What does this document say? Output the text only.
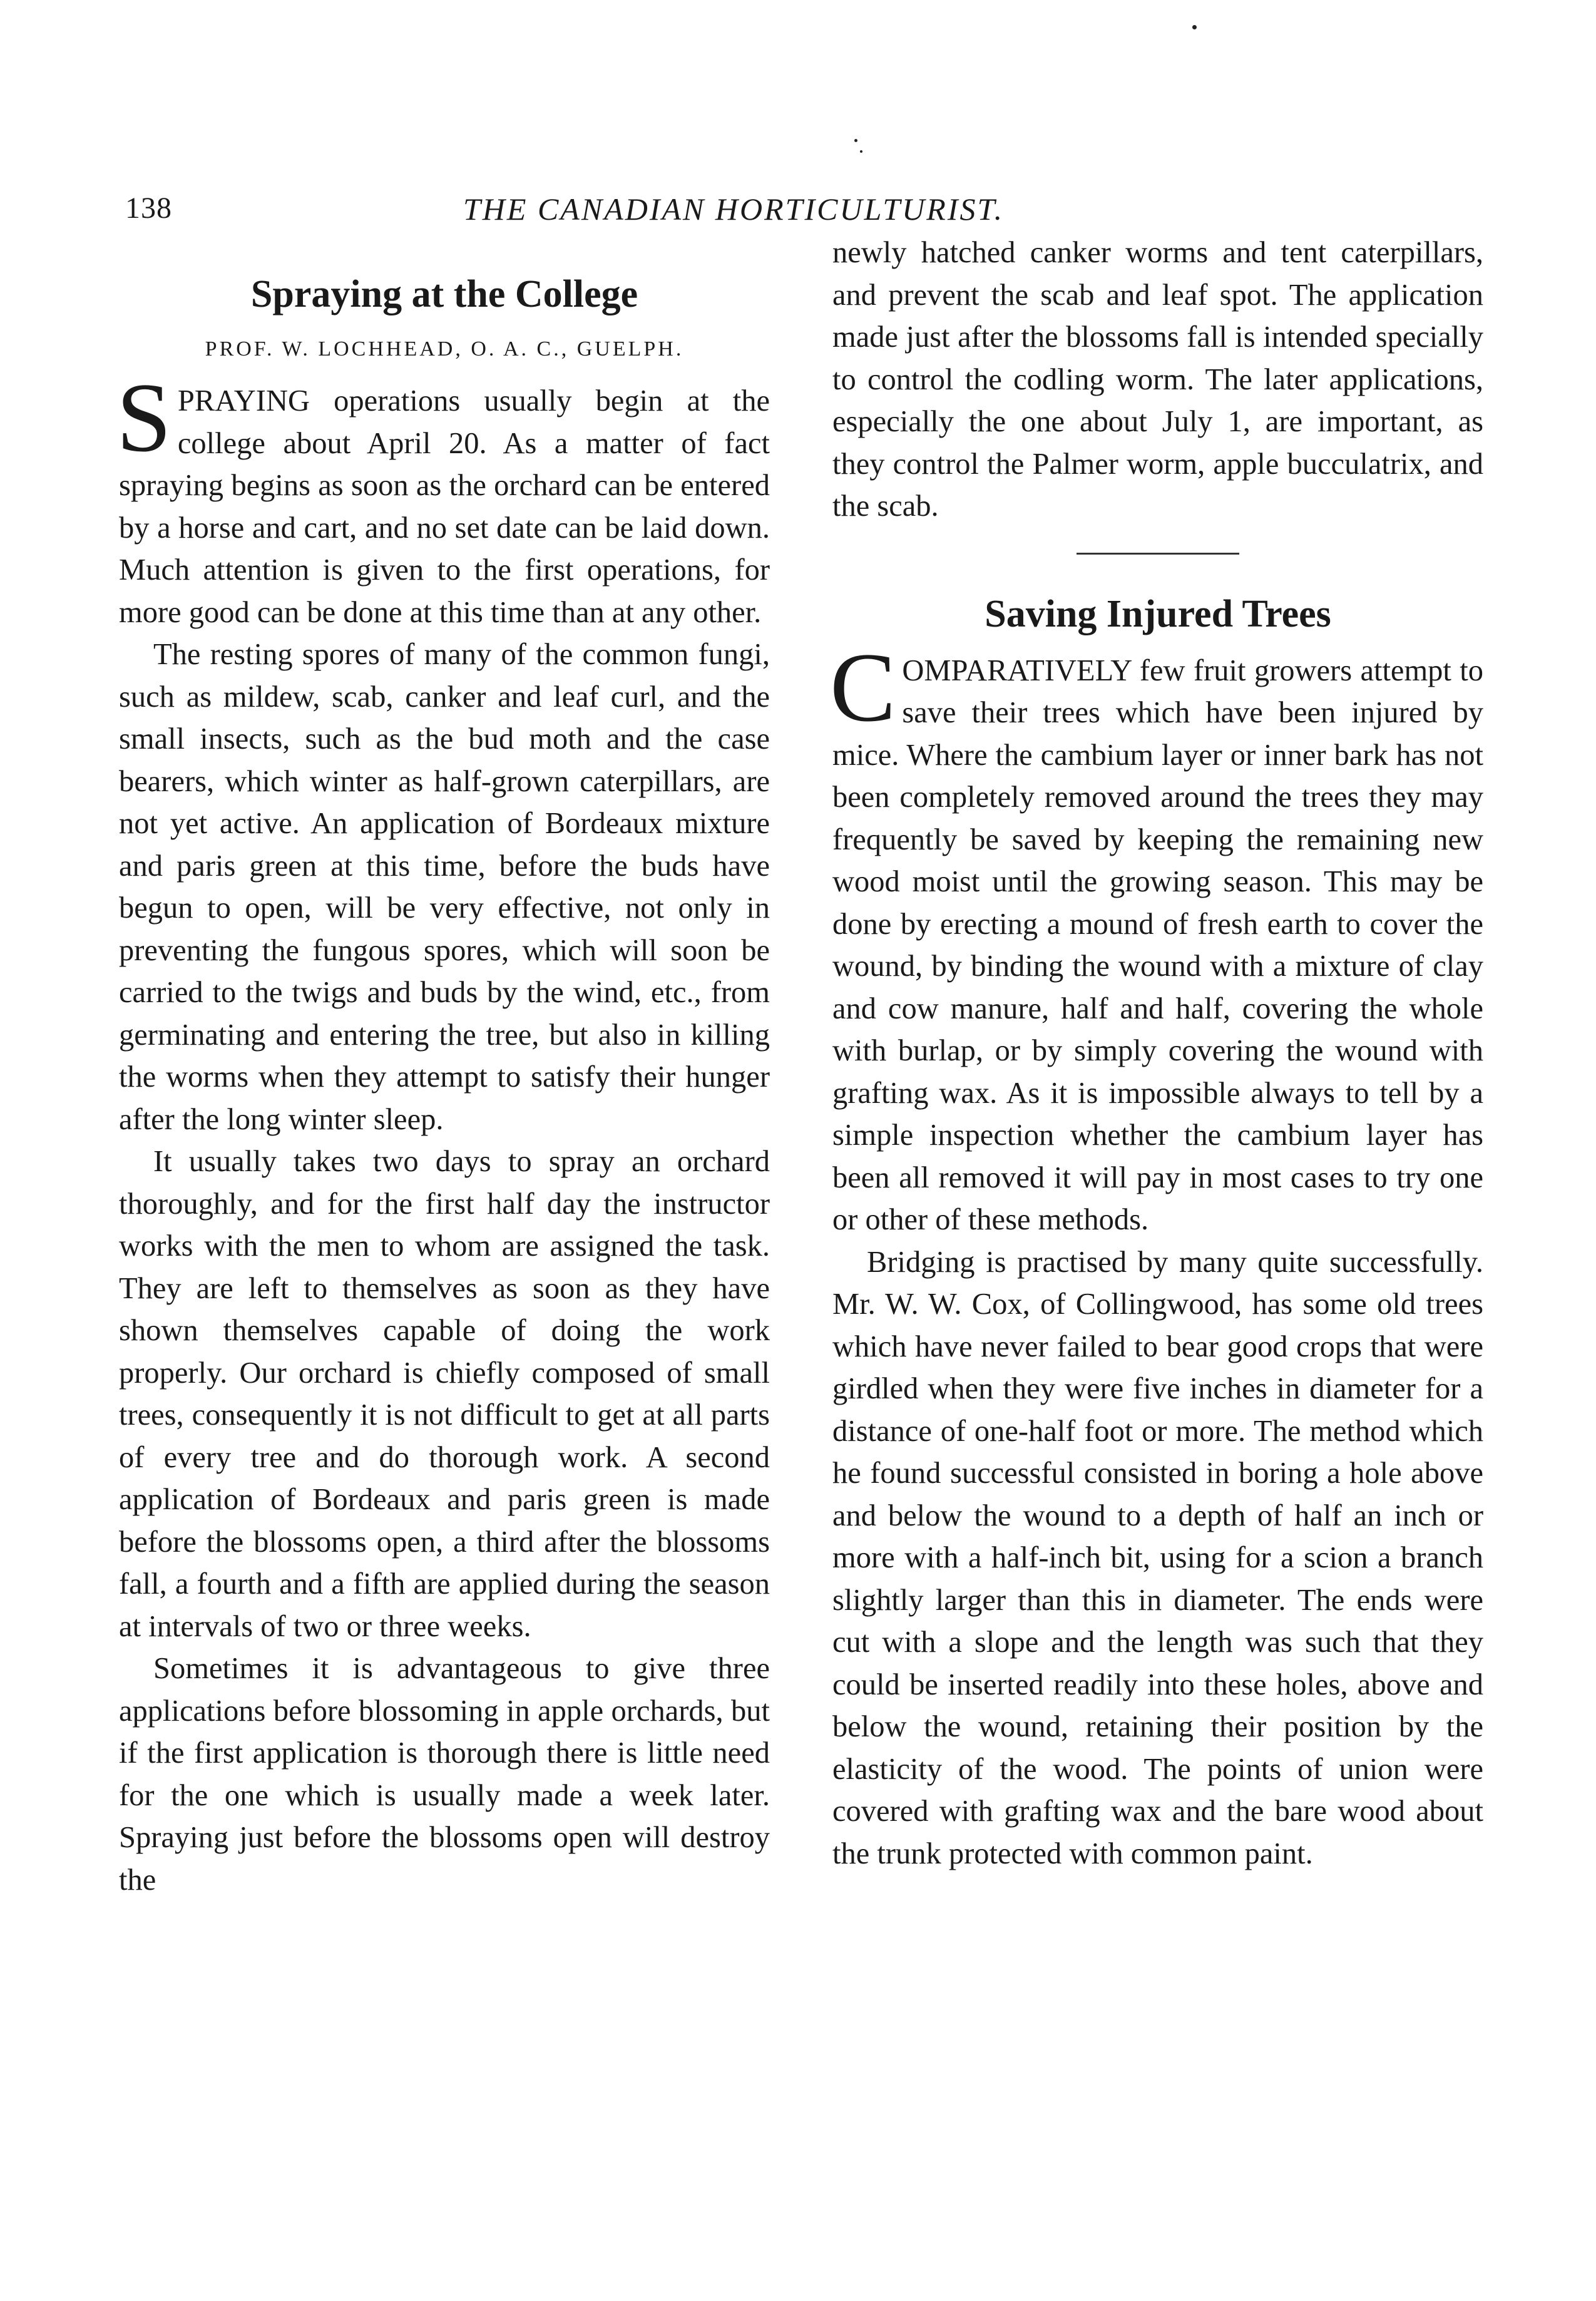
138	THE CANADIAN HORTICULTURIST.
Spraying at the College
PROF. W. LOCHHEAD, O. A. C., GUELPH.

SPRAYING operations usually begin at the college about April 20. As a matter of fact spraying begins as soon as the orchard can be entered by a horse and cart, and no set date can be laid down. Much attention is given to the first operations, for more good can be done at this time than at any other.

The resting spores of many of the common fungi, such as mildew, scab, canker and leaf curl, and the small insects, such as the bud moth and the case bearers, which winter as half-grown caterpillars, are not yet active. An application of Bordeaux mixture and paris green at this time, before the buds have begun to open, will be very effective, not only in preventing the fungous spores, which will soon be carried to the twigs and buds by the wind, etc., from germinating and entering the tree, but also in killing the worms when they attempt to satisfy their hunger after the long winter sleep.

It usually takes two days to spray an orchard thoroughly, and for the first half day the instructor works with the men to whom are assigned the task. They are left to themselves as soon as they have shown themselves capable of doing the work properly. Our orchard is chiefly composed of small trees, consequently it is not difficult to get at all parts of every tree and do thorough work. A second application of Bordeaux and paris green is made before the blossoms open, a third after the blossoms fall, a fourth and a fifth are applied during the season at intervals of two or three weeks.

Sometimes it is advantageous to give three applications before blossoming in apple orchards, but if the first application is thorough there is little need for the one which is usually made a week later. Spraying just before the blossoms open will destroy the

newly hatched canker worms and tent caterpillars, and prevent the scab and leaf spot. The application made just after the blossoms fall is intended specially to control the codling worm. The later applications, especially the one about July 1, are important, as they control the Palmer worm, apple bucculatrix, and the scab.

Saving Injured Trees

COMPARATIVELY few fruit growers attempt to save their trees which have been injured by mice. Where the cambium layer or inner bark has not been completely removed around the trees they may frequently be saved by keeping the remaining new wood moist until the growing season. This may be done by erecting a mound of fresh earth to cover the wound, by binding the wound with a mixture of clay and cow manure, half and half, covering the whole with burlap, or by simply covering the wound with grafting wax. As it is impossible always to tell by a simple inspection whether the cambium layer has been all removed it will pay in most cases to try one or other of these methods.

Bridging is practised by many quite successfully. Mr. W. W. Cox, of Collingwood, has some old trees which have never failed to bear good crops that were girdled when they were five inches in diameter for a distance of one-half foot or more. The method which he found successful consisted in boring a hole above and below the wound to a depth of half an inch or more with a half-inch bit, using for a scion a branch slightly larger than this in diameter. The ends were cut with a slope and the length was such that they could be inserted readily into these holes, above and below the wound, retaining their position by the elasticity of the wood. The points of union were covered with grafting wax and the bare wood about the trunk protected with common paint.
